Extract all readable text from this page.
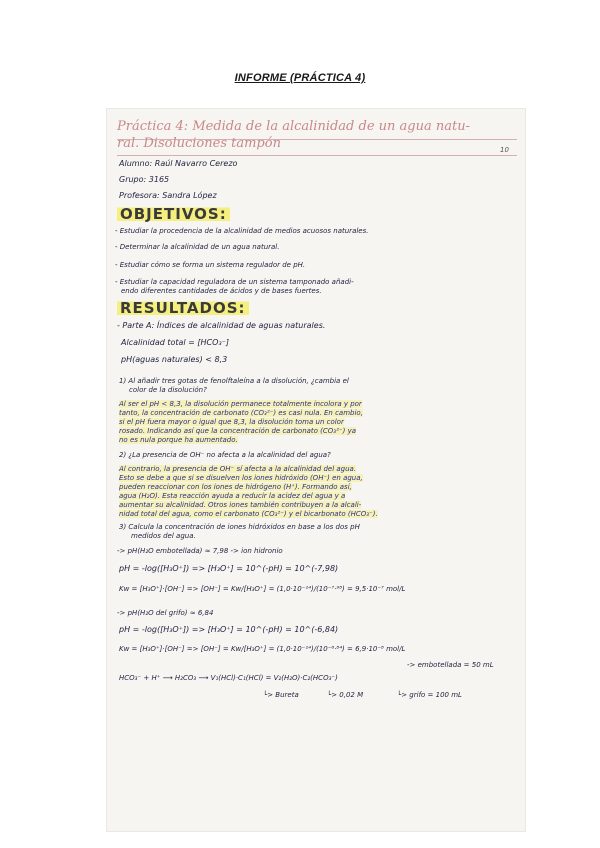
INFORME (PRÁCTICA 4)
Práctica 4: Medida de la alcalinidad de un agua natu-
ral. Disoluciones tampón	10
Alumno: Raúl Navarro Cerezo
Grupo: 3165
Profesora: Sandra López
OBJETIVOS:
- Estudiar la procedencia de la alcalinidad de medios acuosos naturales.
- Determinar la alcalinidad de un agua natural.
- Estudiar cómo se forma un sistema regulador de pH.
- Estudiar la capacidad reguladora de un sistema tamponado añadi-
endo diferentes cantidades de ácidos y de bases fuertes.
RESULTADOS:
- Parte A: Índices de alcalinidad de aguas naturales.
Alcalinidad total = [HCO₃⁻]
pH(aguas naturales) < 8,3
1) Al añadir tres gotas de fenolftaleína a la disolución, ¿cambia el
color de la disolución?
Al ser el pH < 8,3, la disolución permanece totalmente incolora y por
tanto, la concentración de carbonato (CO₃²⁻) es casi nula. En cambio,
si el pH fuera mayor o igual que 8,3, la disolución toma un color
rosado. Indicando así que la concentración de carbonato (CO₃²⁻) ya
no es nula porque ha aumentado.
2) ¿La presencia de OH⁻ no afecta a la alcalinidad del agua?
Al contrario, la presencia de OH⁻ sí afecta a la alcalinidad del agua.
Esto se debe a que si se disuelven los iones hidróxido (OH⁻) en agua,
pueden reaccionar con los iones de hidrógeno (H⁺). Formando así,
agua (H₂O). Esta reacción ayuda a reducir la acidez del agua y a
aumentar su alcalinidad. Otros iones también contribuyen a la alcali-
nidad total del agua, como el carbonato (CO₃²⁻) y el bicarbonato (HCO₃⁻).
3) Calcula la concentración de iones hidróxidos en base a los dos pH
medidos del agua.
-> pH(H₂O embotellada) ≈ 7,98 -> ion hidronio
pH = -log([H₃O⁺]) => [H₃O⁺] = 10^(-pH) = 10^(-7,98)
Kw = [H₃O⁺]·[OH⁻] => [OH⁻] = Kw/[H₃O⁺] = (1,0·10⁻¹⁴)/(10⁻⁷·⁹⁸) = 9,5·10⁻⁷ mol/L
-> pH(H₂O del grifo) ≈ 6,84
pH = -log([H₃O⁺]) => [H₃O⁺] = 10^(-pH) = 10^(-6,84)
Kw = [H₃O⁺]·[OH⁻] => [OH⁻] = Kw/[H₃O⁺] = (1,0·10⁻¹⁴)/(10⁻⁶·⁸⁴) = 6,9·10⁻⁸ mol/L
-> embotellada = 50 mL
HCO₃⁻ + H⁺ ⟶ H₂CO₃ ⟶ V₁(HCl)·C₁(HCl) = V₂(H₂O)·C₂(HCO₃⁻)
└> Bureta	└> 0,02 M	└> grifo = 100 mL
